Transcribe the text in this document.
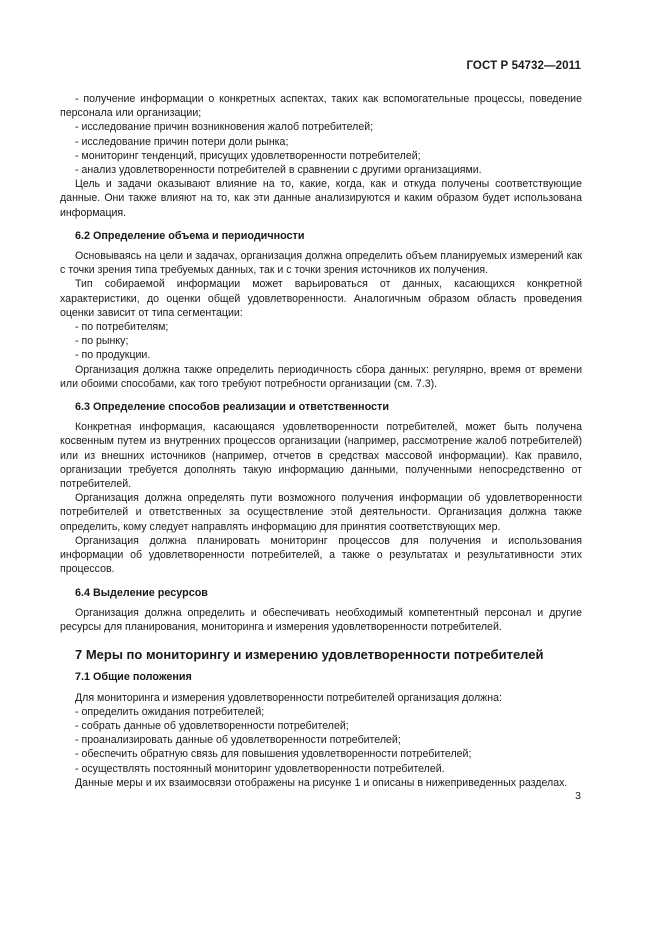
ГОСТ Р 54732—2011

- получение информации о конкретных аспектах, таких как вспомогательные процессы, поведение персонала или организации;

- исследование причин возникновения жалоб потребителей;

- исследование причин потери доли рынка;

- мониторинг тенденций, присущих удовлетворенности потребителей;

- анализ удовлетворенности потребителей в сравнении с другими организациями.

Цель и задачи оказывают влияние на то, какие, когда, как и откуда получены соответствующие данные. Они также влияют на то, как эти данные анализируются и каким образом будет использована информация.

6.2 Определение объема и периодичности

Основываясь на цели и задачах, организация должна определить объем планируемых измерений как с точки зрения типа требуемых данных, так и с точки зрения источников их получения.

Тип собираемой информации может варьироваться от данных, касающихся конкретной характеристики, до оценки общей удовлетворенности. Аналогичным образом область проведения оценки зависит от типа сегментации:

- по потребителям;

- по рынку;

- по продукции.

Организация должна также определить периодичность сбора данных: регулярно, время от времени или обоими способами, как того требуют потребности организации (см. 7.3).

6.3 Определение способов реализации и ответственности

Конкретная информация, касающаяся удовлетворенности потребителей, может быть получена косвенным путем из внутренних процессов организации (например, рассмотрение жалоб потребителей) или из внешних источников (например, отчетов в средствах массовой информации). Как правило, организации требуется дополнять такую информацию данными, полученными непосредственно от потребителей.

Организация должна определять пути возможного получения информации об удовлетворенности потребителей и ответственных за осуществление этой деятельности. Организация должна также определить, кому следует направлять информацию для принятия соответствующих мер.

Организация должна планировать мониторинг процессов для получения и использования информации об удовлетворенности потребителей, а также о результатах и результативности этих процессов.

6.4 Выделение ресурсов

Организация должна определить и обеспечивать необходимый компетентный персонал и другие ресурсы для планирования, мониторинга и измерения удовлетворенности потребителей.

7 Меры по мониторингу и измерению удовлетворенности потребителей
7.1 Общие положения

Для мониторинга и измерения удовлетворенности потребителей организация должна:

- определить ожидания потребителей;

- собрать данные об удовлетворенности потребителей;

- проанализировать данные об удовлетворенности потребителей;

- обеспечить обратную связь для повышения удовлетворенности потребителей;

- осуществлять постоянный мониторинг удовлетворенности потребителей.

Данные меры и их взаимосвязи отображены на рисунке 1 и описаны в нижеприведенных разделах.

3
